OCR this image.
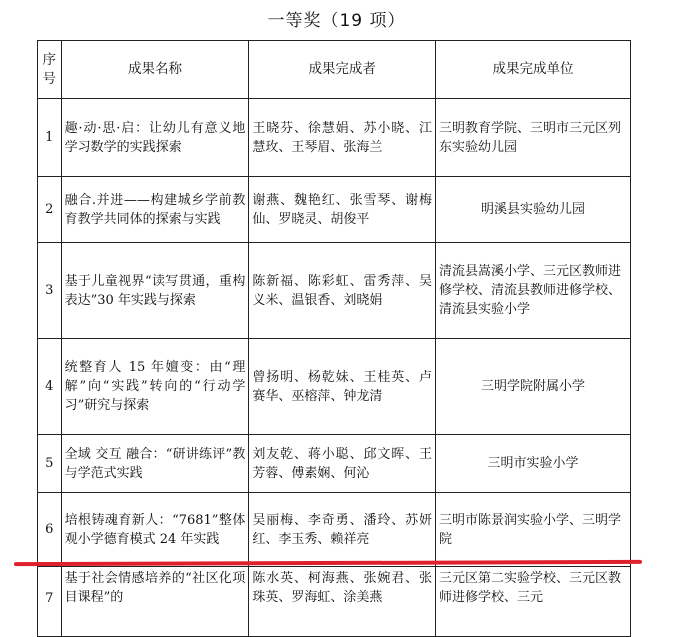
一等奖（19 项）
序号	成果名称	成果完成者	成果完成单位
1	趣·动·思·启：让幼儿有意义地学习数学的实践探索	王晓芬、徐慧娟、苏小晓、江慧玫、王琴眉、张海兰	三明教育学院、三明市三元区列东实验幼儿园
2	融合.并进——构建城乡学前教育教学共同体的探索与实践	谢燕、魏艳红、张雪琴、谢梅仙、罗晓灵、胡俊平	明溪县实验幼儿园
3	基于儿童视界“读写贯通，重构表达”30 年实践与探索	陈新福、陈彩虹、雷秀萍、吴义米、温银香、刘晓娟	清流县嵩溪小学、三元区教师进修学校、清流县教师进修学校、清流县实验小学
4	统整育人 15 年嬗变：由“理解”向“实践”转向的“行动学习”研究与探索	曾扬明、杨乾妹、王桂英、卢赛华、巫榕萍、钟龙清	三明学院附属小学
5	全域 交互 融合：“研讲练评”教与学范式实践	刘友乾、蒋小聪、邱文晖、王芳蓉、傅素娴、何沁	三明市实验小学
6	培根铸魂育新人：“7681”整体观小学德育模式 24 年实践	吴丽梅、李奇勇、潘玲、苏妍红、李玉秀、赖祥亮	三明市陈景润实验小学、三明学院
7	基于社会情感培养的“社区化项目课程”的	陈水英、柯海燕、张婉君、张珠英、罗海虹、涂美燕	三元区第二实验学校、三元区教师进修学校、三元
